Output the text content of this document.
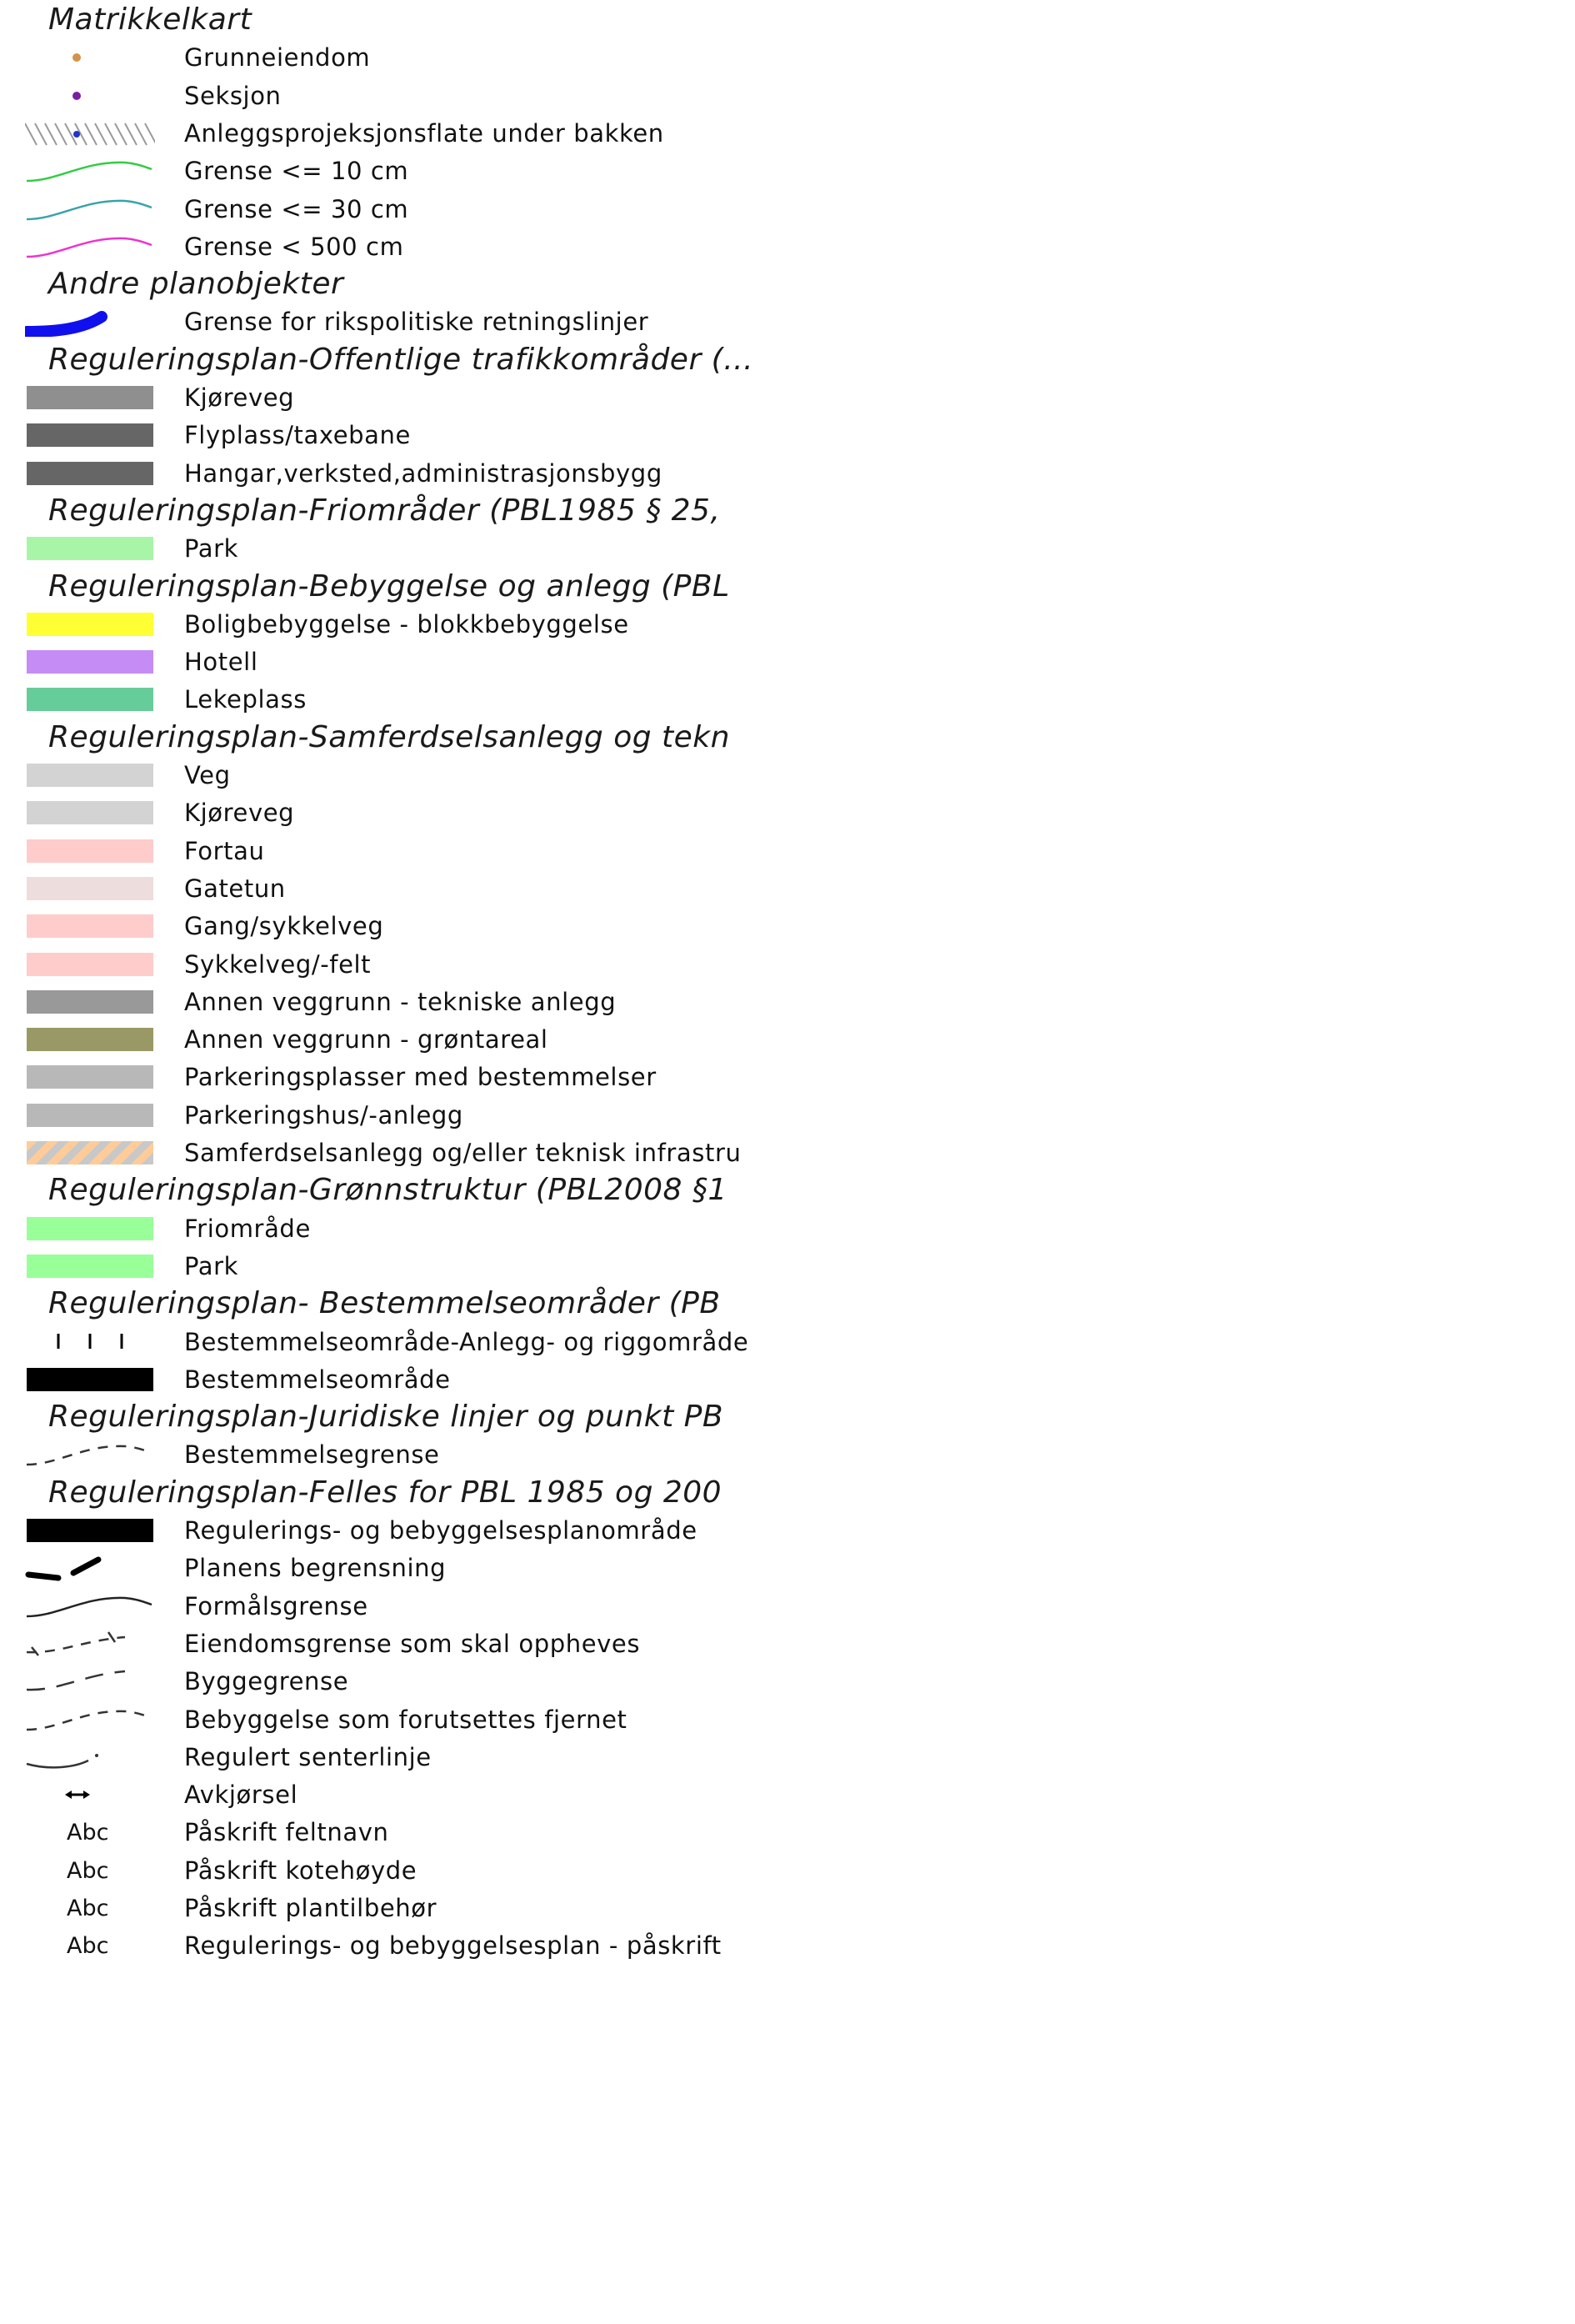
Matrikkelkart
Grunneiendom
Seksjon
Anleggsprojeksjonsflate under bakken
Grense <= 10 cm
Grense <= 30 cm
Grense < 500 cm
Andre planobjekter
Grense for rikspolitiske retningslinjer
Reguleringsplan-Offentlige trafikkområder (...
Kjøreveg
Flyplass/taxebane
Hangar,verksted,administrasjonsbygg
Reguleringsplan-Friområder (PBL1985 § 25,
Park
Reguleringsplan-Bebyggelse og anlegg (PBL
Boligbebyggelse - blokkbebyggelse
Hotell
Lekeplass
Reguleringsplan-Samferdselsanlegg og tekn
Veg
Kjøreveg
Fortau
Gatetun
Gang/sykkelveg
Sykkelveg/-felt
Annen veggrunn - tekniske anlegg
Annen veggrunn - grøntareal
Parkeringsplasser med bestemmelser
Parkeringshus/-anlegg
Samferdselsanlegg og/eller teknisk infrastru
Reguleringsplan-Grønnstruktur (PBL2008 §1
Friområde
Park
Reguleringsplan- Bestemmelseområder (PB
Bestemmelseområde-Anlegg- og riggområde
Bestemmelseområde
Reguleringsplan-Juridiske linjer og punkt PB
Bestemmelsegrense
Reguleringsplan-Felles for PBL 1985 og 200
Regulerings- og bebyggelsesplanområde
Planens begrensning
Formålsgrense
Eiendomsgrense som skal oppheves
Byggegrense
Bebyggelse som forutsettes fjernet
Regulert senterlinje
Avkjørsel
Abc	Påskrift feltnavn
Abc	Påskrift kotehøyde
Abc	Påskrift plantilbehør
Abc	Regulerings- og bebyggelsesplan - påskrift
